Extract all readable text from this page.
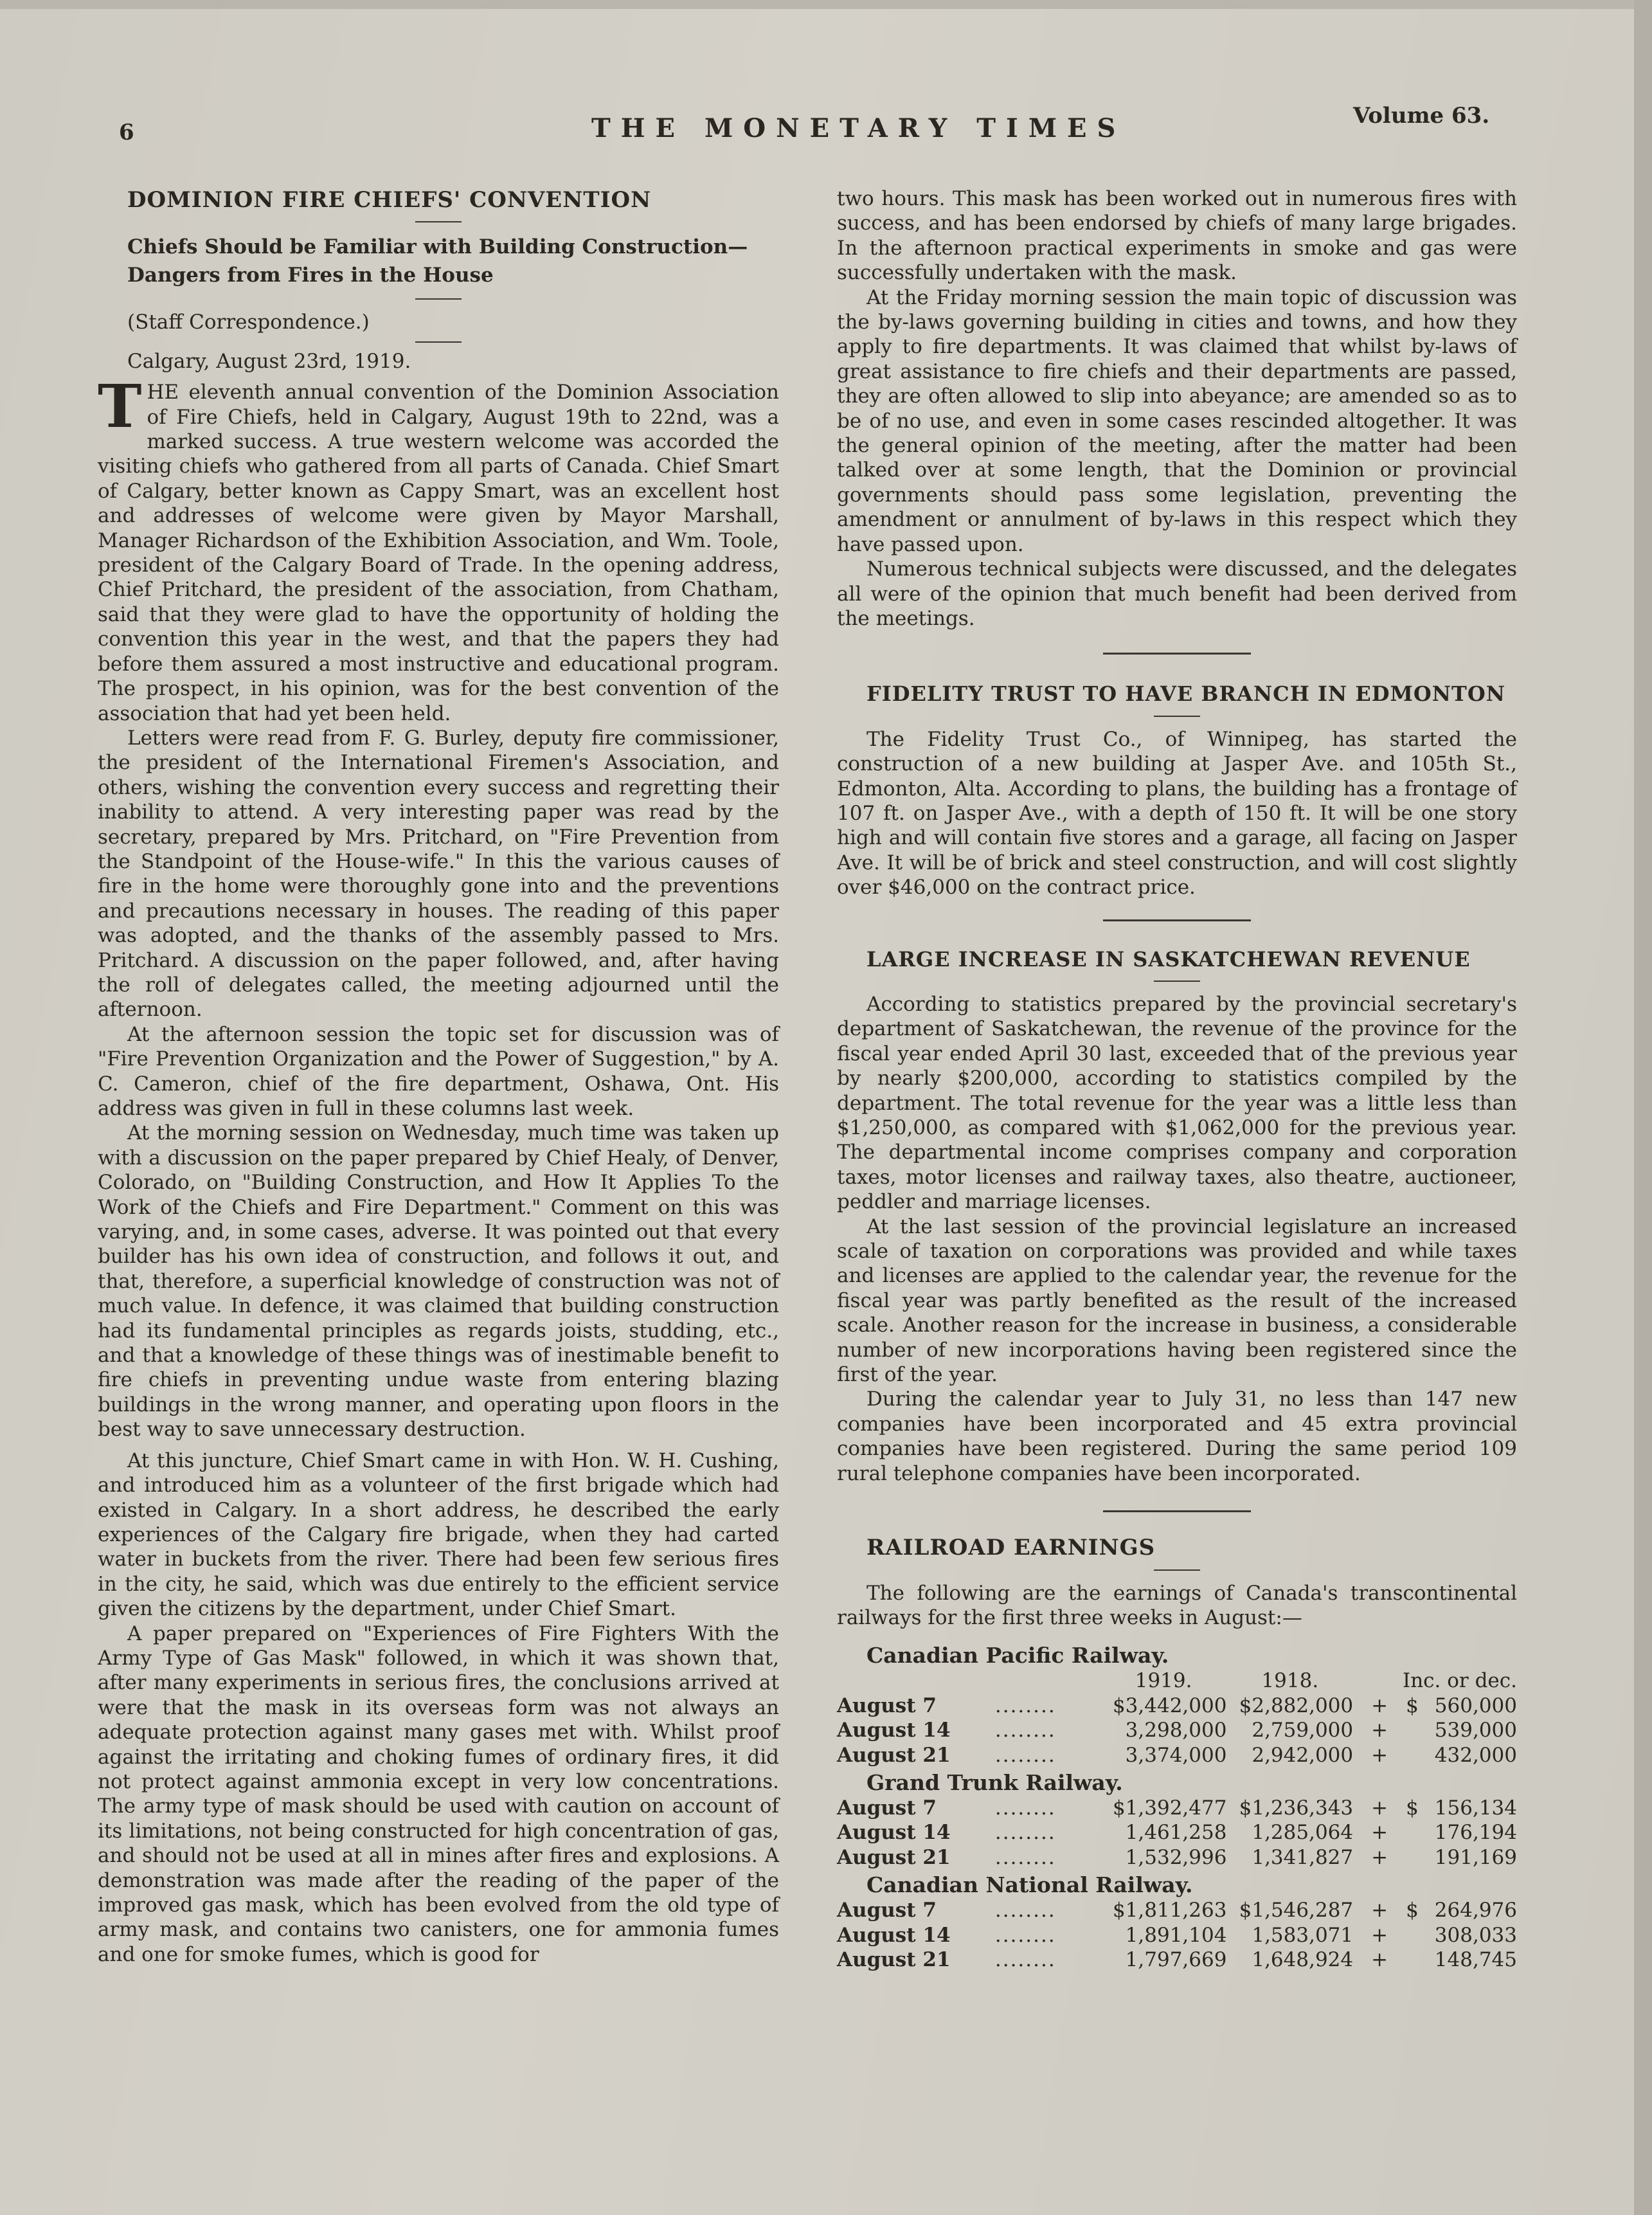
6	THE MONETARY TIMES	Volume 63.

DOMINION FIRE CHIEFS' CONVENTION

Chiefs Should be Familiar with Building Construction—

Dangers from Fires in the House

(Staff Correspondence.)

Calgary, August 23rd, 1919.

THE eleventh annual convention of the Dominion Association of Fire Chiefs, held in Calgary, August 19th to 22nd, was a marked success. A true western welcome was accorded the visiting chiefs who gathered from all parts of Canada. Chief Smart of Calgary, better known as Cappy Smart, was an excellent host and addresses of welcome were given by Mayor Marshall, Manager Richardson of the Exhibition Association, and Wm. Toole, president of the Calgary Board of Trade. In the opening address, Chief Pritchard, the president of the association, from Chatham, said that they were glad to have the opportunity of holding the convention this year in the west, and that the papers they had before them assured a most instructive and educational program. The prospect, in his opinion, was for the best convention of the association that had yet been held.

Letters were read from F. G. Burley, deputy fire commissioner, the president of the International Firemen's Association, and others, wishing the convention every success and regretting their inability to attend. A very interesting paper was read by the secretary, prepared by Mrs. Pritchard, on "Fire Prevention from the Standpoint of the House-wife." In this the various causes of fire in the home were thoroughly gone into and the preventions and precautions necessary in houses. The reading of this paper was adopted, and the thanks of the assembly passed to Mrs. Pritchard. A discussion on the paper followed, and, after having the roll of delegates called, the meeting adjourned until the afternoon.

At the afternoon session the topic set for discussion was of "Fire Prevention Organization and the Power of Suggestion," by A. C. Cameron, chief of the fire department, Oshawa, Ont. His address was given in full in these columns last week.

At the morning session on Wednesday, much time was taken up with a discussion on the paper prepared by Chief Healy, of Denver, Colorado, on "Building Construction, and How It Applies To the Work of the Chiefs and Fire Department." Comment on this was varying, and, in some cases, adverse. It was pointed out that every builder has his own idea of construction, and follows it out, and that, therefore, a superficial knowledge of construction was not of much value. In defence, it was claimed that building construction had its fundamental principles as regards joists, studding, etc., and that a knowledge of these things was of inestimable benefit to fire chiefs in preventing undue waste from entering blazing buildings in the wrong manner, and operating upon floors in the best way to save unnecessary destruction.

At this juncture, Chief Smart came in with Hon. W. H. Cushing, and introduced him as a volunteer of the first brigade which had existed in Calgary. In a short address, he described the early experiences of the Calgary fire brigade, when they had carted water in buckets from the river. There had been few serious fires in the city, he said, which was due entirely to the efficient service given the citizens by the department, under Chief Smart.

A paper prepared on "Experiences of Fire Fighters With the Army Type of Gas Mask" followed, in which it was shown that, after many experiments in serious fires, the conclusions arrived at were that the mask in its overseas form was not always an adequate protection against many gases met with. Whilst proof against the irritating and choking fumes of ordinary fires, it did not protect against ammonia except in very low concentrations. The army type of mask should be used with caution on account of its limitations, not being constructed for high concentration of gas, and should not be used at all in mines after fires and explosions. A demonstration was made after the reading of the paper of the improved gas mask, which has been evolved from the old type of army mask, and contains two canisters, one for ammonia fumes and one for smoke fumes, which is good for

two hours. This mask has been worked out in numerous fires with success, and has been endorsed by chiefs of many large brigades. In the afternoon practical experiments in smoke and gas were successfully undertaken with the mask.

At the Friday morning session the main topic of discussion was the by-laws governing building in cities and towns, and how they apply to fire departments. It was claimed that whilst by-laws of great assistance to fire chiefs and their departments are passed, they are often allowed to slip into abeyance; are amended so as to be of no use, and even in some cases rescinded altogether. It was the general opinion of the meeting, after the matter had been talked over at some length, that the Dominion or provincial governments should pass some legislation, preventing the amendment or annulment of by-laws in this respect which they have passed upon.

Numerous technical subjects were discussed, and the delegates all were of the opinion that much benefit had been derived from the meetings.

FIDELITY TRUST TO HAVE BRANCH IN EDMONTON

The Fidelity Trust Co., of Winnipeg, has started the construction of a new building at Jasper Ave. and 105th St., Edmonton, Alta. According to plans, the building has a frontage of 107 ft. on Jasper Ave., with a depth of 150 ft. It will be one story high and will contain five stores and a garage, all facing on Jasper Ave. It will be of brick and steel construction, and will cost slightly over $46,000 on the contract price.

LARGE INCREASE IN SASKATCHEWAN REVENUE

According to statistics prepared by the provincial secretary's department of Saskatchewan, the revenue of the province for the fiscal year ended April 30 last, exceeded that of the previous year by nearly $200,000, according to statistics compiled by the department. The total revenue for the year was a little less than $1,250,000, as compared with $1,062,000 for the previous year. The departmental income comprises company and corporation taxes, motor licenses and railway taxes, also theatre, auctioneer, peddler and marriage licenses.

At the last session of the provincial legislature an increased scale of taxation on corporations was provided and while taxes and licenses are applied to the calendar year, the revenue for the fiscal year was partly benefited as the result of the increased scale. Another reason for the increase in business, a considerable number of new incorporations having been registered since the first of the year.

During the calendar year to July 31, no less than 147 new companies have been incorporated and 45 extra provincial companies have been registered. During the same period 109 rural telephone companies have been incorporated.

RAILROAD EARNINGS

The following are the earnings of Canada's transcontinental railways for the first three weeks in August:—

Canadian Pacific Railway.

		1919.	1918.	Inc. or dec.		
August 7	........	$3,442,000	$2,882,000	+	$	560,000
August 14	........	3,298,000	2,759,000	+		539,000
August 21	........	3,374,000	2,942,000	+		432,000

Grand Trunk Railway.

August 7	........	$1,392,477	$1,236,343	+	$	156,134
August 14	........	1,461,258	1,285,064	+		176,194
August 21	........	1,532,996	1,341,827	+		191,169

Canadian National Railway.

August 7	........	$1,811,263	$1,546,287	+	$	264,976
August 14	........	1,891,104	1,583,071	+		308,033
August 21	........	1,797,669	1,648,924	+		148,745
